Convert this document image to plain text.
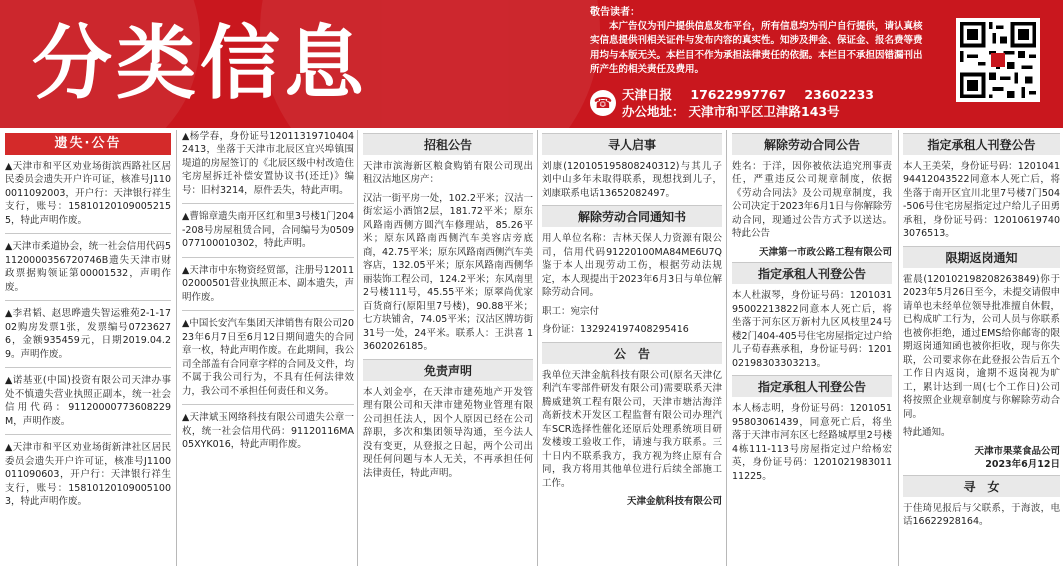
分类信息
敬告读者：
本广告仅为刊户提供信息发布平台，所有信息均为刊户自行提供，请认真核实信息提供刊相关证件与发布内容的真实性。知涉及押金、保证金、报名费等费用均与本版无关。本栏目不作为承担法律责任的依据。本栏目不承担因错漏刊出所产生的相关责任及费用。
☎ 天津日报 17622997767 23602233
办公地址： 天津市和平区卫津路143号
遗失·公告
▲天津市和平区劝业场街滨西路社区居民委员会遗失开户许可证，核准号J1100011092003，开户行：天津银行祥生支行，账号：158101201090052155，特此声明作废。
▲天津市柔道协会，统一社会信用代码51120000356720746B遗失天津市财政票据购领证第00001532，声明作废。
▲李君韬、赵思晔遗失智运雅苑2-1-1702购房发票1张，发票编号07236276，金额935459元，日期2019.04.29。声明作废。
▲诺基亚(中国)投资有限公司天津办事处不慎遗失营业执照正副本，统一社会信用代码：91120000773608229M，声明作废。
▲天津市和平区劝业场街新津社区居民委员会遗失开户许可证，核准号J1100011090603，开户行：天津银行祥生支行，账号：158101201090051003，特此声明作废。
▲杨学春，身份证号120113197104042413，坐落于天津市北辰区宜兴埠镇围堤道的房屋签订的《北辰区级中村改造住宅房屋拆迁补偿安置协议书(还迁)》编号：旧村3214，原件丢失，特此声明。
▲曹锦章遗失南开区红和里3号楼1门204-208号房屋租赁合同，合同编号为0509077100010302，特此声明。
▲天津市中东物资经贸部，注册号1201102000501营业执照正本、副本遗失，声明作废。
▲中国长安汽车集团天津销售有限公司2023年6月7日至6月12日期间遗失的合同章一枚，特此声明作废。在此期间，我公司全部盖有合同章字样的合同及文件，均不属于我公司行为，不具有任何法律效力，我公司不承担任何责任和义务。
▲天津斌玉网络科技有限公司遗失公章一枚，统一社会信用代码：91120116MA05XYK016，特此声明作废。
招租公告
天津市滨海新区粮食购销有限公司现出租汉沽地区房产：
汉沽一街平房一处，102.2平米；汉沽一街宏运小酒馆2层，181.72平米；原东风路南西侧方圆汽车修理站，85.26平米；原东风路南西侧汽车美容店旁底商，42.75平米；原东风路南西侧汽车美容店，132.05平米；原东风路南西侧华丽装饰工程公司，124.2平米；东风南里2号楼111号，45.55平米；原翠尚优家百货商行(原阳里7号楼)，90.88平米；七方块铺舍，74.05平米；汉沽区牌坊街31号一处，24平米。联系人：王洪喜 13602026185。
免责声明
本人刘金亭，在天津市建苑地产开发管理有限公司和天津市建苑物业管理有限公司担任法人，因个人原因已经在公司辞职，多次和集团领导沟通，至今法人没有变更，从登报之日起，两个公司出现任何问题与本人无关，不再承担任何法律责任，特此声明。
寻人启事
刘康(120105195808240312)与其儿子刘中山多年未取得联系，现想找到儿子，刘康联系电话13652082497。
解除劳动合同通知书
用人单位名称：吉林天保人力资源有限公司，信用代码91220100MA84ME6U7Q鉴于本人出现劳动工伤，根据劳动法规定，本人现提出于2023年6月3日与单位解除劳动合同。
职工：宛宗付
身份证：132924197408295416
公　告
我单位天津金航科技有限公司(原名天津亿利汽车零部件研发有限公司)需要联系天津腾威建筑工程有限公司，天津市塘沽海洋高新技术开发区工程监督有限公司办理汽车SCR选择性催化还原后处理系统项目研发楼竣工验收工作，请速与我方联系。三十日内不联系我方，我方视为终止原有合同，我方将用其他单位进行后续全部施工工作。
天津金航科技有限公司
解除劳动合同公告
姓名：于洋，因你被依法追究刑事责任，严重违反公司规章制度，依据《劳动合同法》及公司规章制度，我公司决定于2023年6月1日与你解除劳动合同，现通过公告方式予以送达。特此公告
天津第一市政公路工程有限公司
指定承租人刊登公告
本人杜淑琴，身份证号码：120103195002213822同意本人死亡后，将坐落于河东区万新村九区风枝里24号楼2门404-405号住宅房屋指定过户给儿子荀春燕承租，身份证号码：120102198303303213。
指定承租人刊登公告
本人杨志明，身份证号码：120105195803061439，同意死亡后，将坐落于天津市河东区七经路城厚里2号楼4栋111-113号房屋指定过户给杨宏英，身份证号码：120102198301111225。
指定承租人刊登公告
本人王美荣，身份证号码：120104194412043522同意本人死亡后，将坐落于南开区宜川北里7号楼7门504-506号住宅房屋指定过户给儿子田勇承租，身份证号码：120106197403076513。
限期返岗通知
霍晨(120102198208263849)你于2023年5月26日至今，未提交请假申请单也未经单位领导批准擅自休假，已构成旷工行为，公司人员与你联系也被你拒绝，通过EMS给你邮寄的限期返岗通知函也被你拒收，现与你失联，公司要求你在此登报公告后五个工作日内返岗，逾期不返岗视为旷工，累计达到一周(七个工作日)公司将按照企业规章制度与你解除劳动合同。
特此通知。
天津市果菜食品公司
2023年6月12日
寻　女
于佳琦见报后与父联系，于海波，电话16622928164。
